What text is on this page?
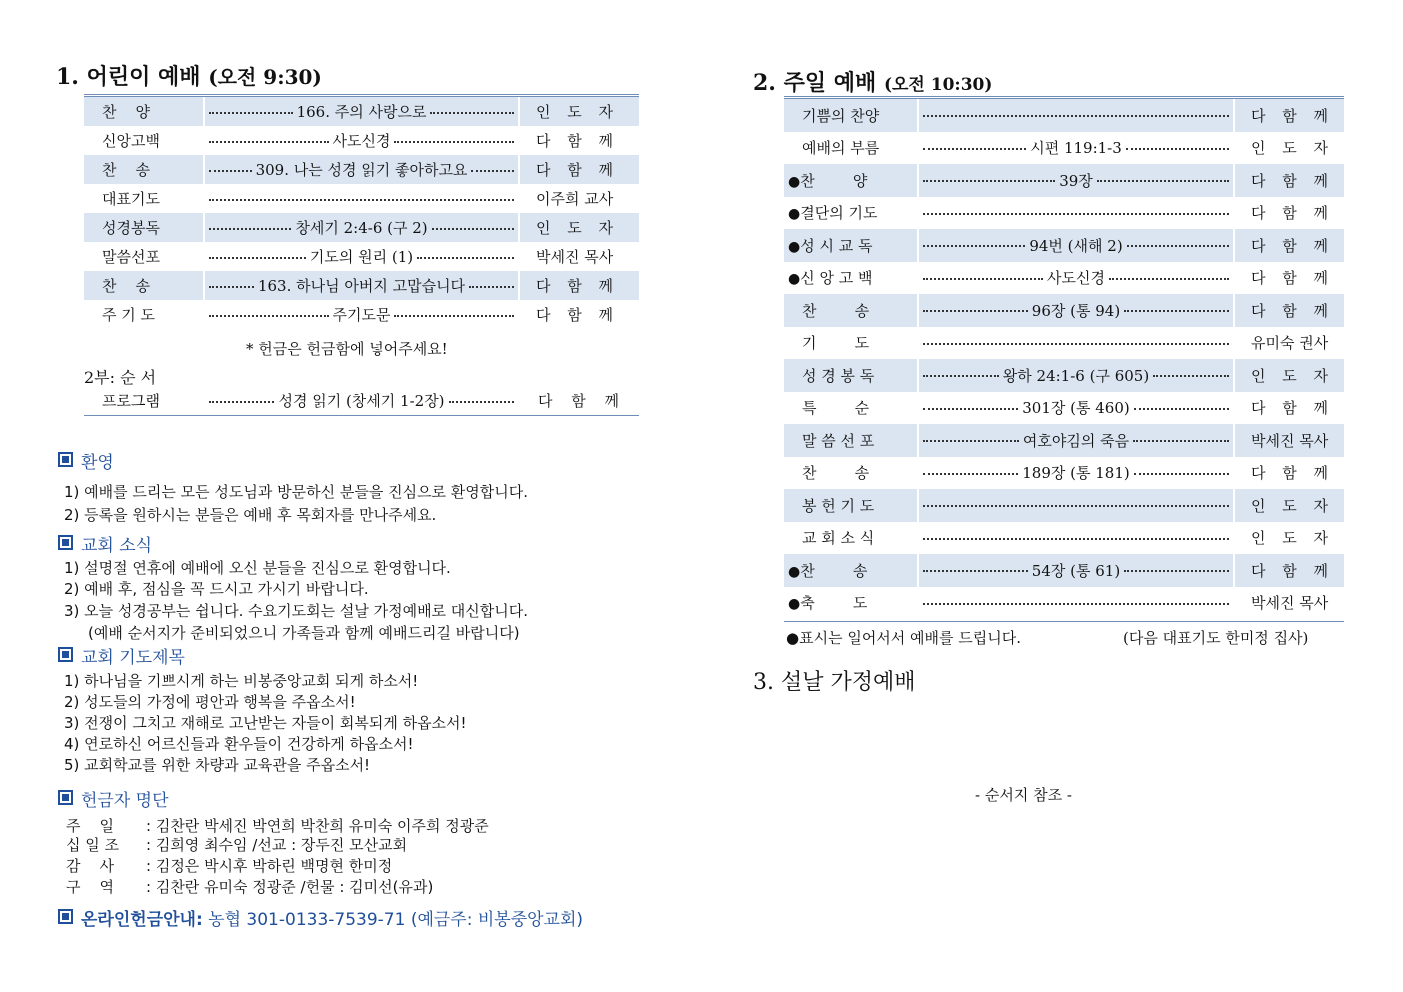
1. 어린이 예배 (오전 9:30)
찬    양	166. 주의 사랑으로	인 도 자
신앙고백	사도신경	다 함 께
찬    송	309. 나는 성경 읽기 좋아하고요	다 함 께
대표기도		이주희 교사
성경봉독	창세기 2:4-6 (구 2)	인 도 자
말씀선포	기도의 원리 (1)	박세진 목사
찬    송	163. 하나님 아버지 고맙습니다	다 함 께
주 기 도	주기도문	다 함 께
* 헌금은 헌금함에 넣어주세요!
2부: 순 서
프로그램	성경 읽기 (창세기 1-2장)	다 함 께
환영
1) 예배를 드리는 모든 성도님과 방문하신 분들을 진심으로 환영합니다.
2) 등록을 원하시는 분들은 예배 후 목회자를 만나주세요.
교회 소식
1) 설명절 연휴에 예배에 오신 분들을 진심으로 환영합니다.
2) 예배 후, 점심을 꼭 드시고 가시기 바랍니다.
3) 오늘 성경공부는 쉽니다. 수요기도회는 설날 가정예배로 대신합니다.
(예배 순서지가 준비되었으니 가족들과 함께 예배드리길 바랍니다)
교회 기도제목
1) 하나님을 기쁘시게 하는 비봉중앙교회 되게 하소서!
2) 성도들의 가정에 평안과 행복을 주옵소서!
3) 전쟁이 그치고 재해로 고난받는 자들이 회복되게 하옵소서!
4) 연로하신 어르신들과 환우들이 건강하게 하옵소서!
5) 교회학교를 위한 차량과 교육관을 주옵소서!
헌금자 명단
주    일 : 김찬란 박세진 박연희 박찬희 유미숙 이주희 정광준
십 일 조 : 김희영 최수임 /선교 : 장두진 모산교회
감    사 : 김정은 박시후 박하린 백명현 한미정
구    역 : 김찬란 유미숙 정광준 /헌물 : 김미선(유과)
온라인헌금안내: 농협 301-0133-7539-71 (예금주: 비봉중앙교회)
2. 주일 예배 (오전 10:30)
기쁨의 찬양		다 함 께
예배의 부름	시편 119:1-3	인 도 자
●찬        양	39장	다 함 께
●결단의 기도		다 함 께
●성 시 교 독	94번 (새해 2)	다 함 께
●신 앙 고 백	사도신경	다 함 께
찬        송	96장 (통 94)	다 함 께
기        도		유미숙 권사
성 경 봉 독	왕하 24:1-6 (구 605)	인 도 자
특        순	301장 (통 460)	다 함 께
말 씀 선 포	여호야김의 죽음	박세진 목사
찬        송	189장 (통 181)	다 함 께
봉 헌 기 도		인 도 자
교 회 소 식		인 도 자
●찬        송	54장 (통 61)	다 함 께
●축        도		박세진 목사
●표시는 일어서서 예배를 드립니다.	(다음 대표기도 한미정 집사)
3. 설날 가정예배
- 순서지 참조 -
